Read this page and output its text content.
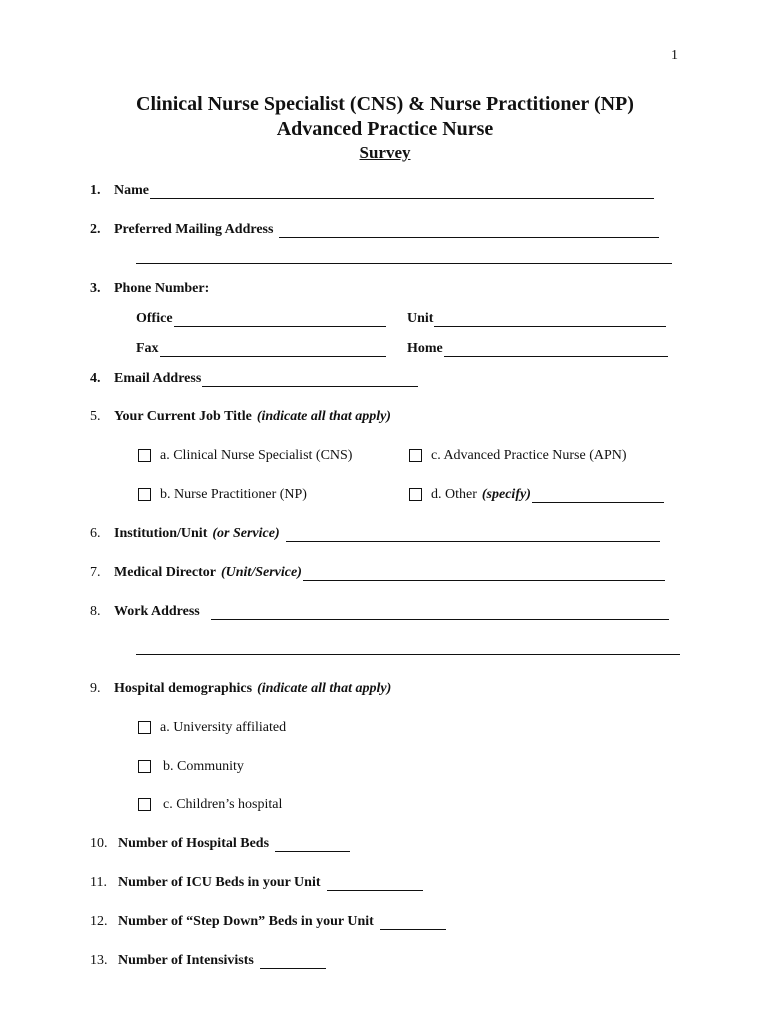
1
Clinical Nurse Specialist (CNS) & Nurse Practitioner (NP)
Advanced Practice Nurse
Survey
1. Name
2. Preferred Mailing Address
3. Phone Number:
Office	Unit
Fax	Home
4. Email Address
5. Your Current Job Title (indicate all that apply)
a. Clinical Nurse Specialist (CNS)	c. Advanced Practice Nurse (APN)
b. Nurse Practitioner (NP)	d. Other (specify)
6. Institution/Unit (or Service)
7. Medical Director (Unit/Service)
8. Work Address
9. Hospital demographics (indicate all that apply)
a. University affiliated
b. Community
c. Children’s hospital
10. Number of Hospital Beds
11. Number of ICU Beds in your Unit
12. Number of “Step Down” Beds in your Unit
13. Number of Intensivists
